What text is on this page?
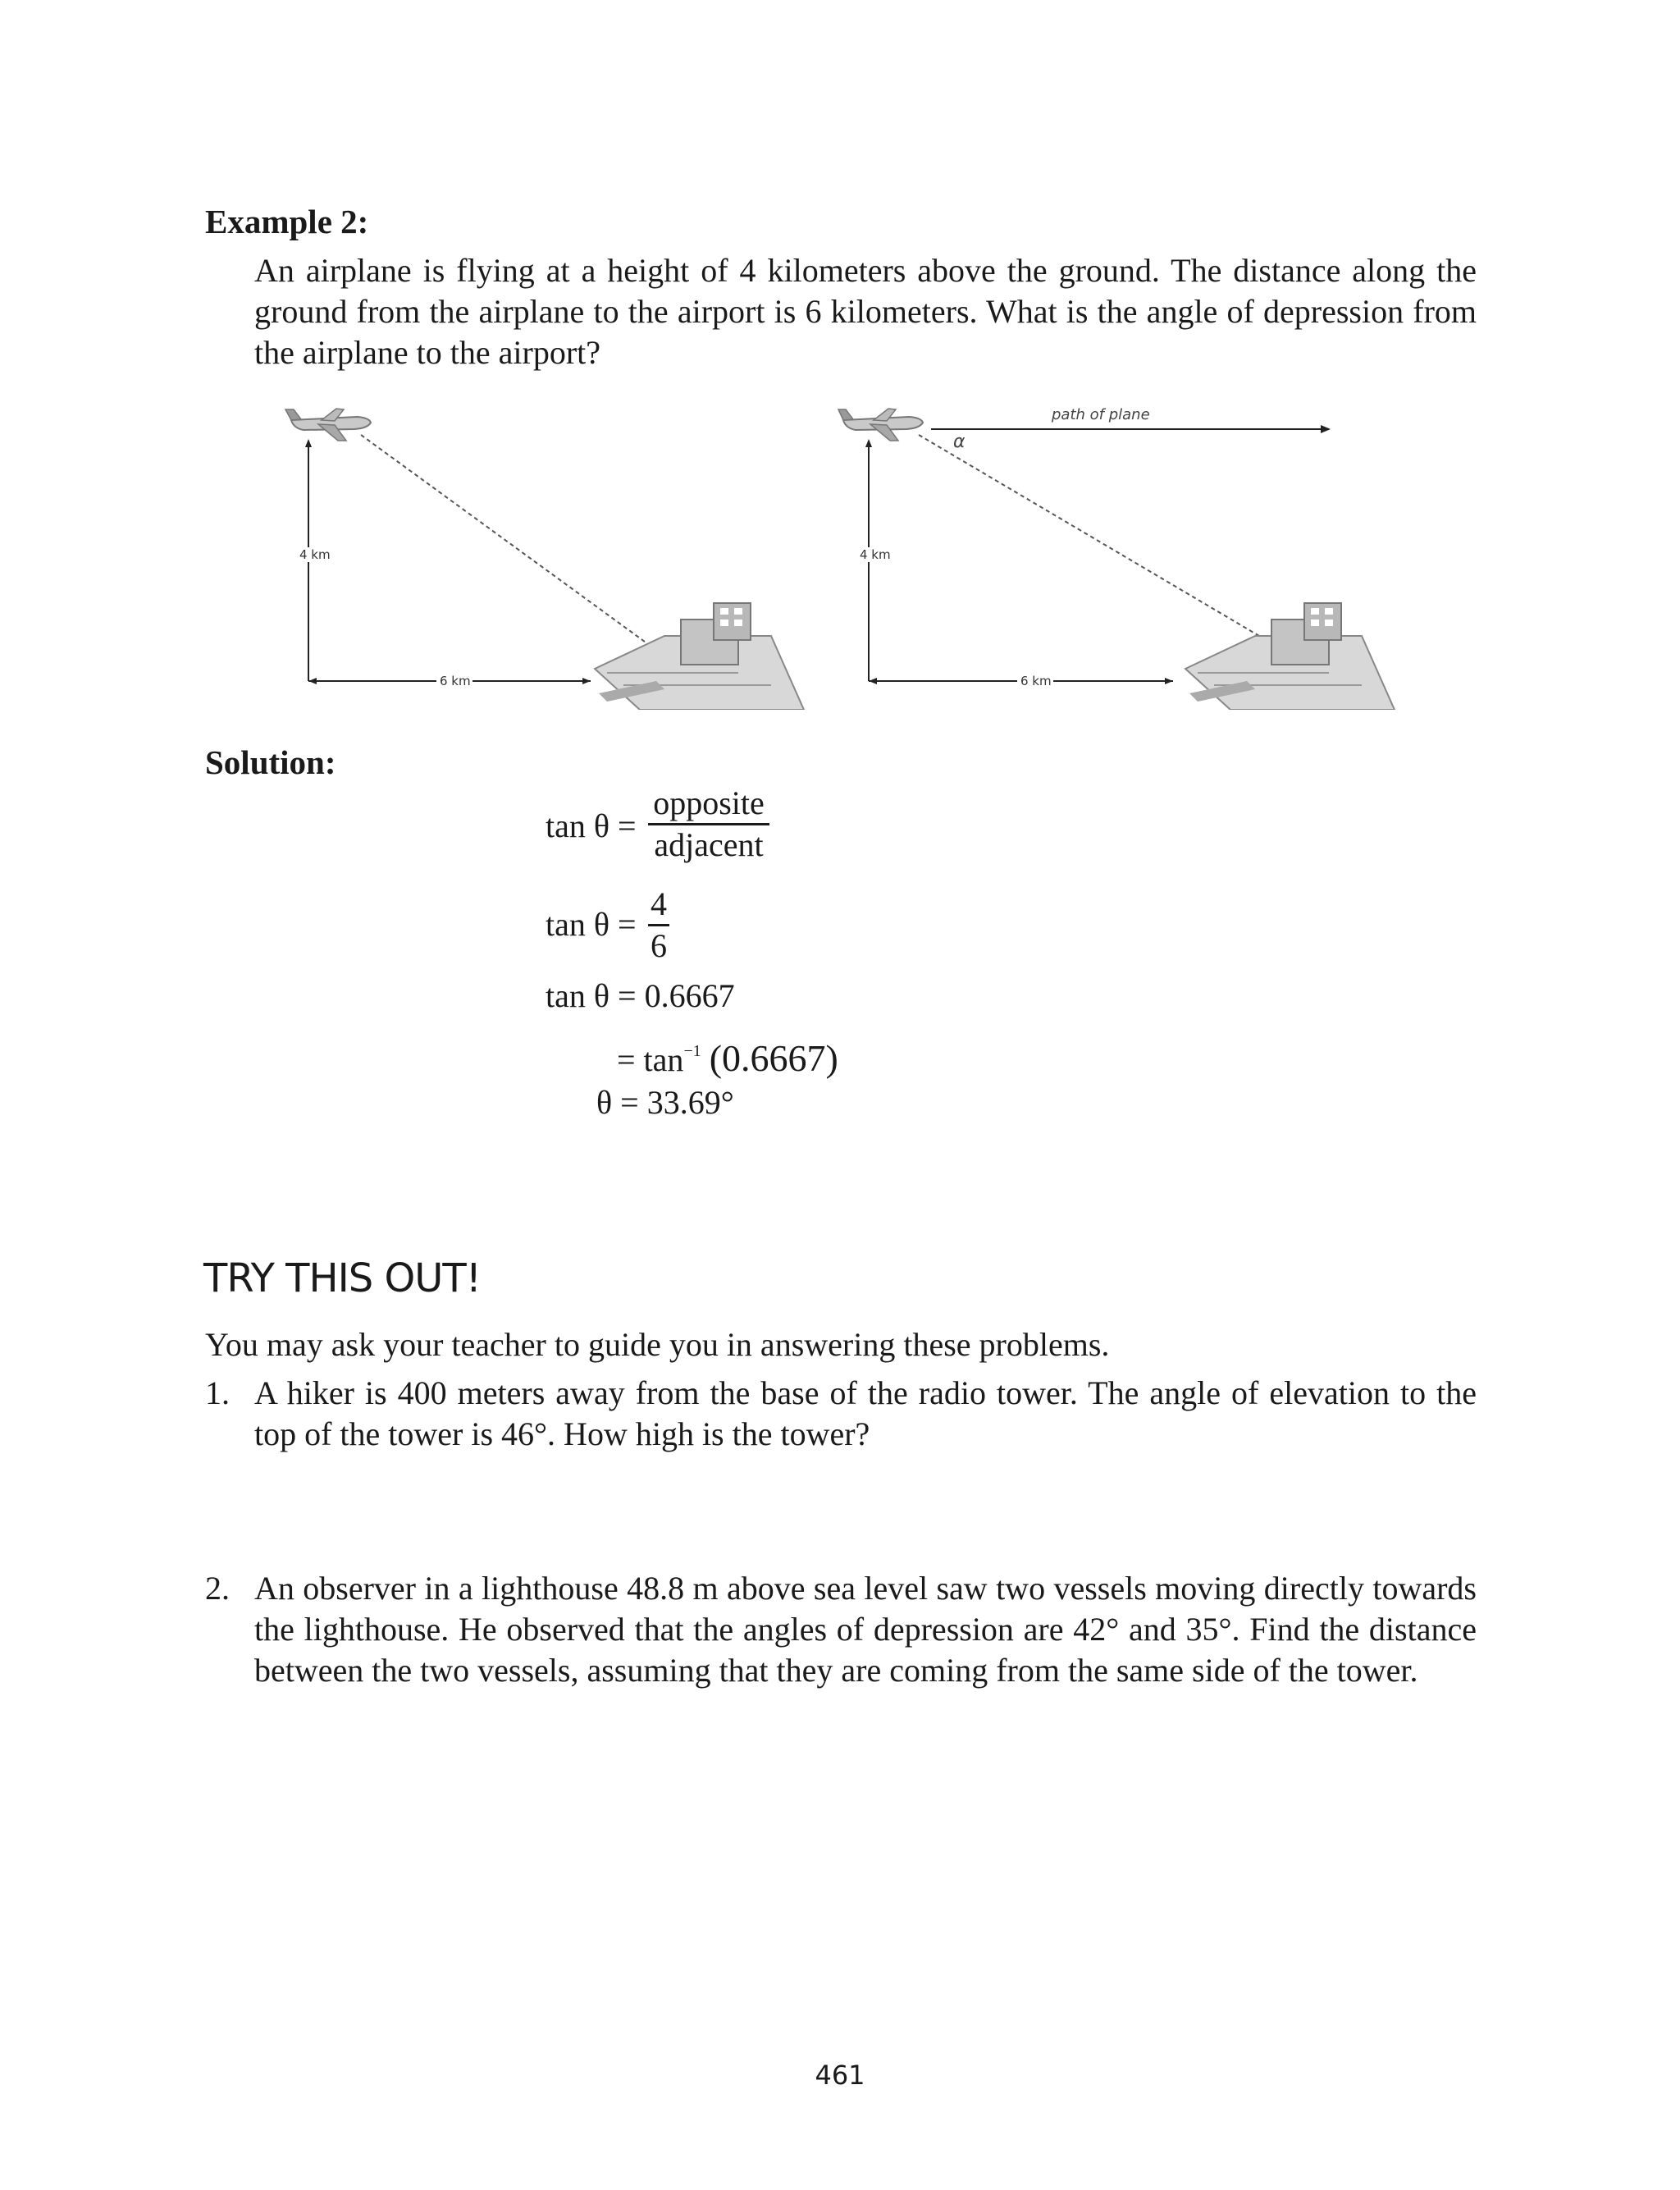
Example 2:

An airplane is flying at a height of 4 kilometers above the ground. The distance along the

ground from the airplane to the airport is 6 kilometers. What is the angle of depression from

the airplane to the airport?

4 km
6 km
path of plane
α
4 km
6 km
Solution:
tan θ =
opposite
adjacent
tan θ =
4
6
tan θ = 0.6667
= $\tan^{-1} (0.6667)$
θ = 33.69°
TRY THIS OUT!
You may ask your teacher to guide you in answering these problems.
1. A hiker is 400 meters away from the base of the radio tower. The angle of elevation to the

top of the tower is 46°. How high is the tower?

2. An observer in a lighthouse 48.8 m above sea level saw two vessels moving directly towards

the lighthouse. He observed that the angles of depression are 42° and 35°. Find the distance

between the two vessels, assuming that they are coming from the same side of the tower.

461
